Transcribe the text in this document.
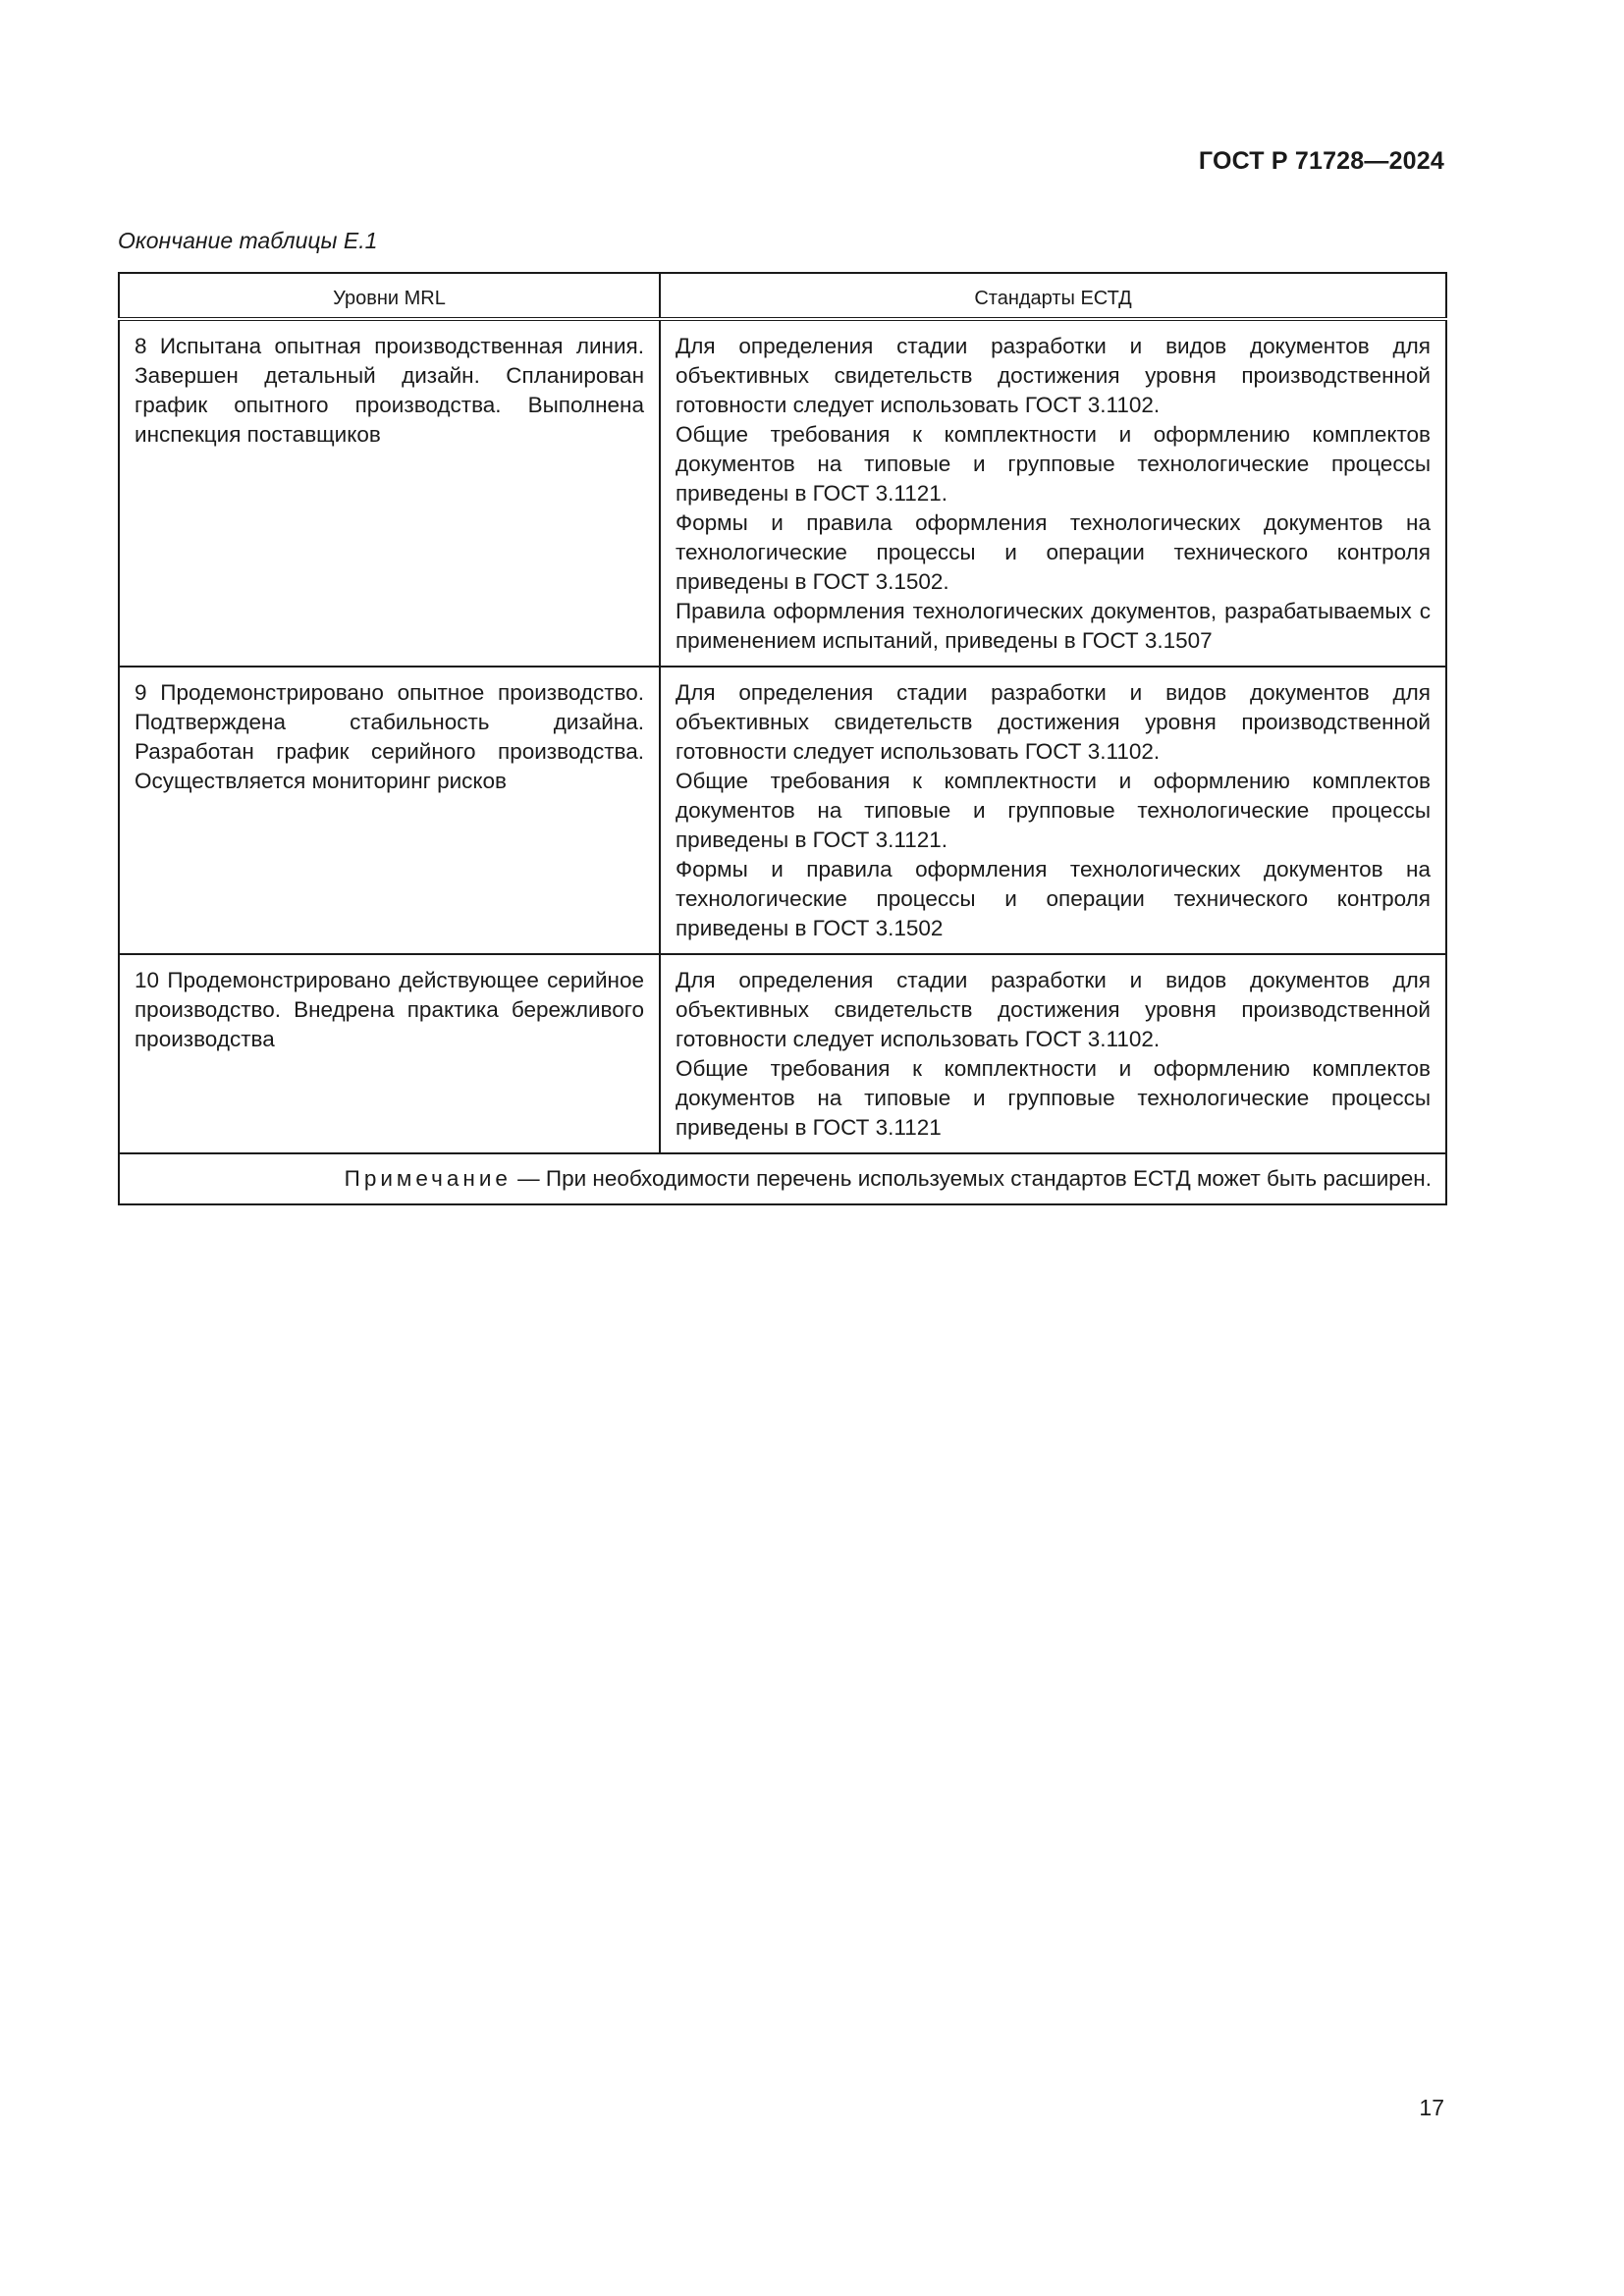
ГОСТ Р 71728—2024
Окончание таблицы Е.1
Уровни MRL	Стандарты ЕСТД
8 Испытана опытная производственная линия. Завершен детальный дизайн. Спланирован график опытного производства. Выполнена инспекция поставщиков	Для определения стадии разработки и видов документов для объективных свидетельств достижения уровня производственной готовности следует использовать ГОСТ 3.1102.

Общие требования к комплектности и оформлению комплектов документов на типовые и групповые технологические процессы приведены в ГОСТ 3.1121.

Формы и правила оформления технологических документов на технологические процессы и операции технического контроля приведены в ГОСТ 3.1502.

Правила оформления технологических документов, разрабатываемых с применением испытаний, приведены в ГОСТ 3.1507

9 Продемонстрировано опытное производство. Подтверждена стабильность дизайна. Разработан график серийного производства. Осуществляется мониторинг рисков	Для определения стадии разработки и видов документов для объективных свидетельств достижения уровня производственной готовности следует использовать ГОСТ 3.1102.

Общие требования к комплектности и оформлению комплектов документов на типовые и групповые технологические процессы приведены в ГОСТ 3.1121.

Формы и правила оформления технологических документов на технологические процессы и операции технического контроля приведены в ГОСТ 3.1502

10 Продемонстрировано действующее серийное производство. Внедрена практика бережливого производства	Для определения стадии разработки и видов документов для объективных свидетельств достижения уровня производственной готовности следует использовать ГОСТ 3.1102.

Общие требования к комплектности и оформлению комплектов документов на типовые и групповые технологические процессы приведены в ГОСТ 3.1121

Примечание — При необходимости перечень используемых стандартов ЕСТД может быть расширен.	
17
